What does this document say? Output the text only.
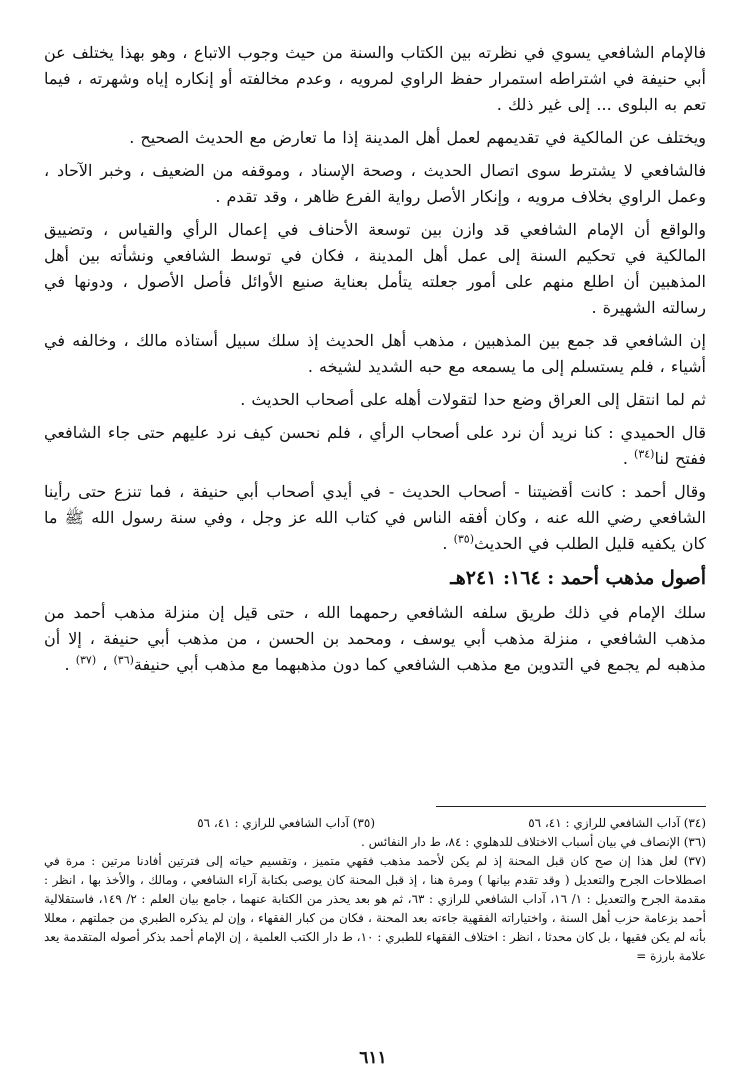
فالإمام الشافعي يسوي في نظرته بين الكتاب والسنة من حيث وجوب الاتباع ، وهو بهذا يختلف عن أبي حنيفة في اشتراطه استمرار حفظ الراوي لمرويه ، وعدم مخالفته أو إنكاره إياه وشهرته ، فيما تعم به البلوى ... إلى غير ذلك .

ويختلف عن المالكية في تقديمهم لعمل أهل المدينة إذا ما تعارض مع الحديث الصحيح .

فالشافعي لا يشترط سوى اتصال الحديث ، وصحة الإسناد ، وموقفه من الضعيف ، وخبر الآحاد ، وعمل الراوي بخلاف مرويه ، وإنكار الأصل رواية الفرع ظاهر ، وقد تقدم .

والواقع أن الإمام الشافعي قد وازن بين توسعة الأحناف في إعمال الرأي والقياس ، وتضييق المالكية في تحكيم السنة إلى عمل أهل المدينة ، فكان في توسط الشافعي ونشأته بين أهل المذهبين أن اطلع منهم على أمور جعلته يتأمل بعناية صنيع الأوائل فأصل الأصول ، ودونها في رسالته الشهيرة .

إن الشافعي قد جمع بين المذهبين ، مذهب أهل الحديث إذ سلك سبيل أستاذه مالك ، وخالفه في أشياء ، فلم يستسلم إلى ما يسمعه مع حبه الشديد لشيخه .

ثم لما انتقل إلى العراق وضع حدا لتقولات أهله على أصحاب الحديث .

قال الحميدي : كنا نريد أن نرد على أصحاب الرأي ، فلم نحسن كيف نرد عليهم حتى جاء الشافعي ففتح لنا$^{(٣٤)}$ .

وقال أحمد : كانت أقضيتنا - أصحاب الحديث - في أيدي أصحاب أبي حنيفة ، فما تنزع حتى رأينا الشافعي رضي الله عنه ، وكان أفقه الناس في كتاب الله عز وجل ، وفي سنة رسول الله ﷺ ما كان يكفيه قليل الطلب في الحديث$^{(٣٥)}$ .

أصول مذهب أحمد : ١٦٤: ٢٤١هـ

سلك الإمام في ذلك طريق سلفه الشافعي رحمهما الله ، حتى قيل إن منزلة مذهب أحمد من مذهب الشافعي ، منزلة مذهب أبي يوسف ، ومحمد بن الحسن ، من مذهب أبي حنيفة ، إلا أن مذهبه لم يجمع في التدوين مع مذهب الشافعي كما دون مذهبهما مع مذهب أبي حنيفة$^{(٣٦)}$ ، $^{(٣٧)}$ .

(٣٤) آداب الشافعي للرازي : ٤١، ٥٦
(٣٥) آداب الشافعي للرازي : ٤١، ٥٦

(٣٦) الإنصاف في بيان أسباب الاختلاف للدهلوي : ٨٤، ط دار النفائس .

(٣٧) لعل هذا إن صح كان قبل المحنة إذ لم يكن لأحمد مذهب فقهي متميز ، وتقسيم حياته إلى فترتين أفادنا مرتين : مرة في اصطلاحات الجرح والتعديل ( وقد تقدم بيانها ) ومرة هنا ، إذ قبل المحنة كان يوصى بكتابة آراء الشافعي ، ومالك ، والأخذ بها ، انظر : مقدمة الجرح والتعديل : ١/ ١٦، آداب الشافعي للرازي : ٦٣، ثم هو بعد يحذر من الكتابة عنهما ، جامع بيان العلم : ٢/ ١٤٩، فاستقلالية أحمد بزعامة حزب أهل السنة ، واختياراته الفقهية جاءته بعد المحنة ، فكان من كبار الفقهاء ، وإن لم يذكره الطبري من جملتهم ، معللا بأنه لم يكن فقيها ، بل كان محدثا ، انظر : اختلاف الفقهاء للطبري : ١٠، ط دار الكتب العلمية ، إن الإمام أحمد بذكر أصوله المتقدمة يعد علامة بارزة =

٦١١
